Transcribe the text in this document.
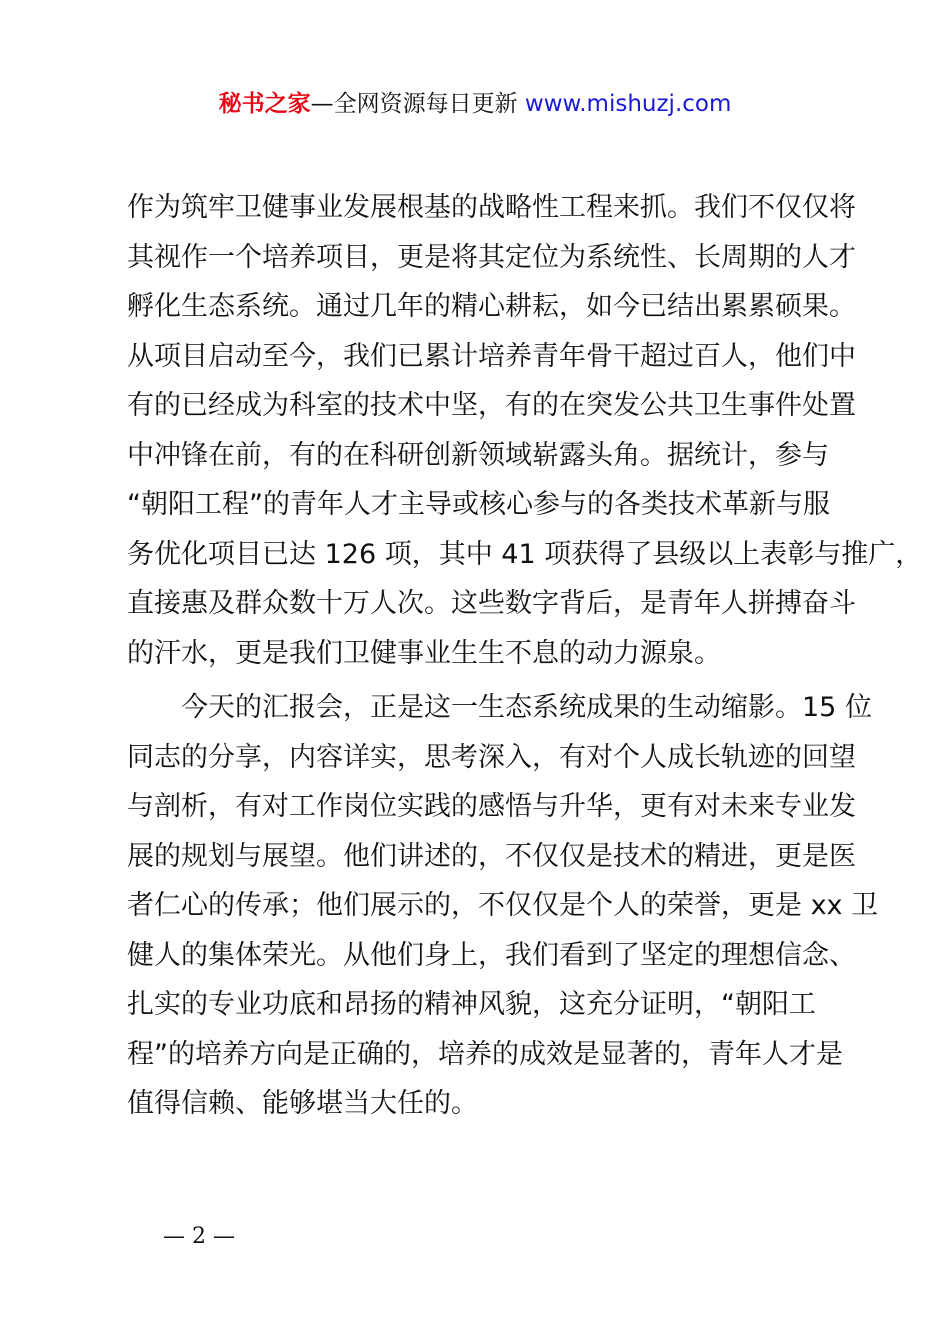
秘书之家—全网资源每日更新 www.mishuzj.com

作为筑牢卫健事业发展根基的战略性工程来抓。我们不仅仅将
其视作一个培养项目，更是将其定位为系统性、长周期的人才
孵化生态系统。通过几年的精心耕耘，如今已结出累累硕果。
从项目启动至今，我们已累计培养青年骨干超过百人，他们中
有的已经成为科室的技术中坚，有的在突发公共卫生事件处置
中冲锋在前，有的在科研创新领域崭露头角。据统计，参与
“朝阳工程”的青年人才主导或核心参与的各类技术革新与服
务优化项目已达 126 项，其中 41 项获得了县级以上表彰与推广，
直接惠及群众数十万人次。这些数字背后，是青年人拼搏奋斗
的汗水，更是我们卫健事业生生不息的动力源泉。

　　今天的汇报会，正是这一生态系统成果的生动缩影。15 位
同志的分享，内容详实，思考深入，有对个人成长轨迹的回望
与剖析，有对工作岗位实践的感悟与升华，更有对未来专业发
展的规划与展望。他们讲述的，不仅仅是技术的精进，更是医
者仁心的传承；他们展示的，不仅仅是个人的荣誉，更是 xx 卫
健人的集体荣光。从他们身上，我们看到了坚定的理想信念、
扎实的专业功底和昂扬的精神风貌，这充分证明，“朝阳工
程”的培养方向是正确的，培养的成效是显著的，青年人才是
值得信赖、能够堪当大任的。

— 2 —
